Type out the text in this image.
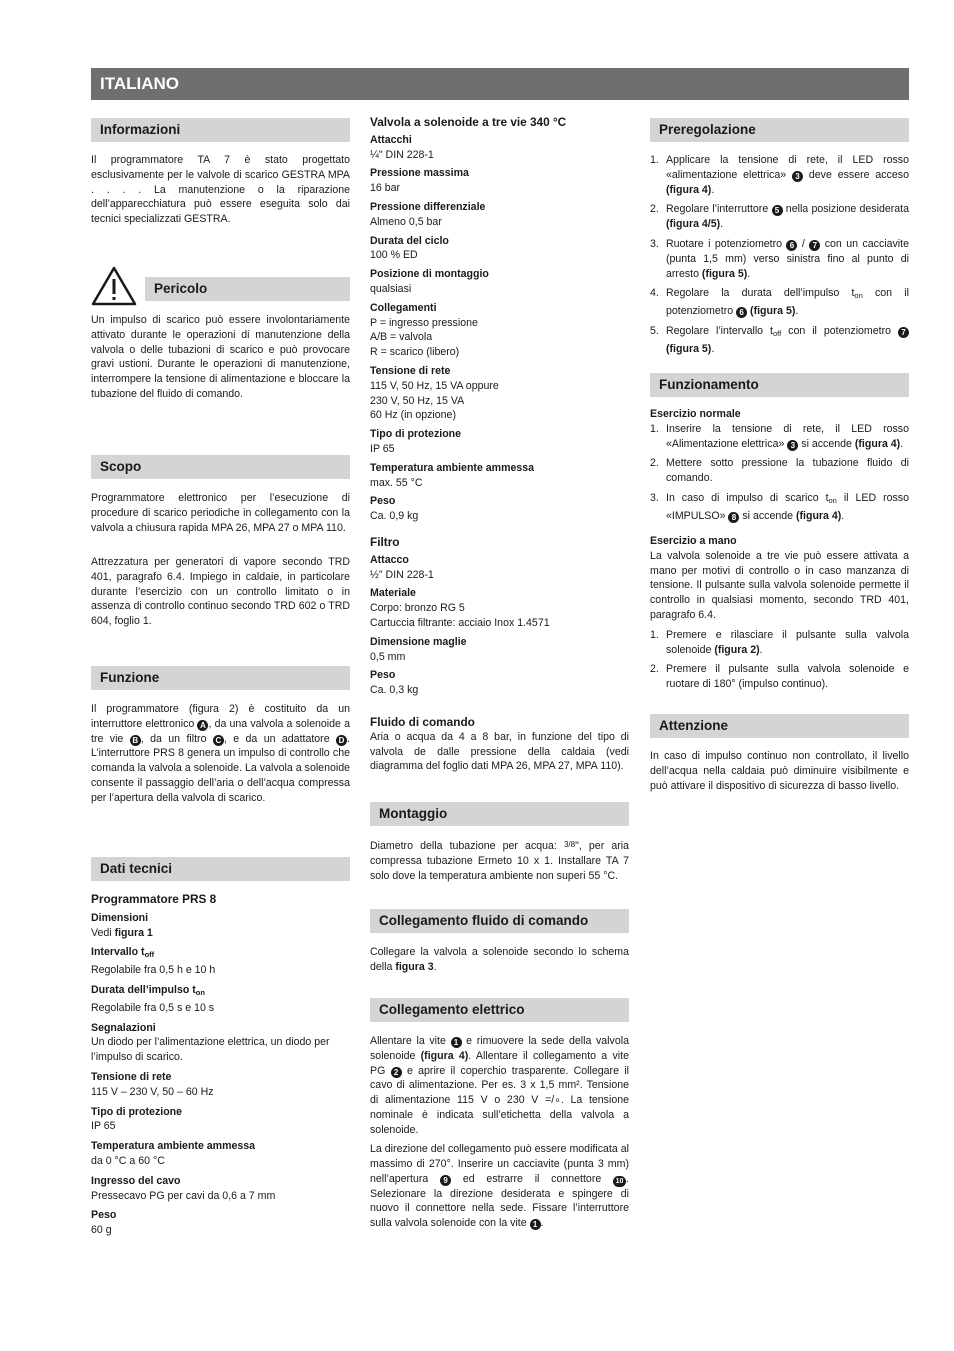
ITALIANO
Informazioni
Il programmatore TA 7 è stato progettato esclusivamente per le valvole di scarico GESTRA MPA . . . . La manutenzione o la riparazione dell’apparecchiatura può essere eseguita solo dai tecnici specializzati GESTRA.
Pericolo
Un impulso di scarico può essere involontariamente attivato durante le operazioni di manutenzione della valvola o delle tubazioni di scarico e può provocare gravi ustioni. Durante le operazioni di manutenzione, interrompere la tensione di alimentazione e bloccare la tubazione del fluido di comando.
Scopo
Programmatore elettronico per l’esecuzione di procedure di scarico periodiche in collegamento con la valvola a chiusura rapida MPA 26, MPA 27 o MPA 110.
Attrezzatura per generatori di vapore secondo TRD 401, paragrafo 6.4. Impiego in caldaie, in particolare durante l’esercizio con un controllo limitato o in assenza di controllo continuo secondo TRD 602 o TRD 604, foglio 1.
Funzione
Il programmatore (figura 2) è costituito da un interruttore elettronico A , da una valvola a solenoide a tre vie B , da un filtro C , e da un adattatore D . L’interruttore PRS 8 genera un impulso di controllo che comanda la valvola a solenoide. La valvola a solenoide consente il passaggio dell’aria o dell’acqua compressa per l’apertura della valvola di scarico.
Dati tecnici
Programmatore PRS 8
Dimensioni
Vedi figura 1
Intervallo $t_{off}$
Regolabile fra 0,5 h e 10 h
Durata dell’impulso $t_{on}$
Regolabile fra 0,5 s e 10 s
Segnalazioni
Un diodo per l’alimentazione elettrica, un diodo per l’impulso di scarico.
Tensione di rete
115 V – 230 V, 50 – 60 Hz
Tipo di protezione
IP 65
Temperatura ambiente ammessa
da 0 °C a 60 °C
Ingresso del cavo
Pressecavo PG per cavi da 0,6 a 7 mm
Peso
60 g
Valvola a solenoide a tre vie 340 °C
Attacchi
¼" DIN 228-1
Pressione massima
16 bar
Pressione differenziale
Almeno 0,5 bar
Durata del ciclo
100 % ED
Posizione di montaggio
qualsiasi
Collegamenti
P = ingresso pressione
A/B = valvola
R = scarico (libero)
Tensione di rete
115 V, 50 Hz, 15 VA oppure
230 V, 50 Hz, 15 VA
60 Hz (in opzione)
Tipo di protezione
IP 65
Temperatura ambiente ammessa
max. 55 °C
Peso
Ca. 0,9 kg
Filtro
Attacco
½" DIN 228-1
Materiale
Corpo: bronzo RG 5
Cartuccia filtrante: acciaio Inox 1.4571
Dimensione maglie
0,5 mm
Peso
Ca. 0,3 kg
Fluido di comando
Aria o acqua da 4 a 8 bar, in funzione del tipo di valvola de dalle pressione della caldaia (vedi diagramma del foglio dati MPA 26, MPA 27, MPA 110).
Montaggio
Diametro della tubazione per acqua: 3/8", per aria compressa tubazione Ermeto 10 x 1. Installare TA 7 solo dove la temperatura ambiente non superi 55 °C.
Collegamento fluido di comando
Collegare la valvola a solenoide secondo lo schema della figura 3.
Collegamento elettrico
Allentare la vite 1 e rimuovere la sede della valvola solenoide (figura 4). Allentare il collegamento a vite PG 2 e aprire il coperchio trasparente. Collegare il cavo di alimentazione. Per es. 3 x 1,5 mm². Tensione di alimentazione 115 V o 230 V =/∘. La tensione nominale è indicata sull’etichetta della valvola a solenoide.
La direzione del collegamento può essere modificata al massimo di 270°. Inserire un cacciavite (punta 3 mm) nell’apertura 9 ed estrarre il connettore 10 . Selezionare la direzione desiderata e spingere di nuovo il connettore nella sede. Fissare l’interruttore sulla valvola solenoide con la vite 1 .
Preregolazione
1. Applicare la tensione di rete, il LED rosso «alimentazione elettrica» 3 deve essere acceso (figura 4).
2. Regolare l’interruttore 5 nella posizione desiderata (figura 4/5).
3. Ruotare i potenziometro 6 / 7 con un cacciavite (punta 1,5 mm) verso sinistra fino al punto di arresto (figura 5).
4. Regolare la durata dell’impulso $t_{on}$ con il potenziometro 6 (figura 5).
5. Regolare l’intervallo $t_{off}$ con il potenziometro 7 (figura 5).
Funzionamento
Esercizio normale
1. Inserire la tensione di rete, il LED rosso «Alimentazione elettrica» 3 si accende (figura 4).
2. Mettere sotto pressione la tubazione fluido di comando.
3. In caso di impulso di scarico $t_{on}$ il LED rosso «IMPULSO» 8 si accende (figura 4).
Esercizio a mano
La valvola solenoide a tre vie può essere attivata a mano per motivi di controllo o in caso manzanza di tensione. Il pulsante sulla valvola solenoide permette il controllo in qualsiasi momento, secondo TRD 401, paragrafo 6.4.
1. Premere e rilasciare il pulsante sulla valvola solenoide (figura 2).
2. Premere il pulsante sulla valvola solenoide e ruotare di 180° (impulso continuo).
Attenzione
In caso di impulso continuo non controllato, il livello dell’acqua nella caldaia può diminuire visibilmente e può attivare il dispositivo di sicurezza di basso livello.
